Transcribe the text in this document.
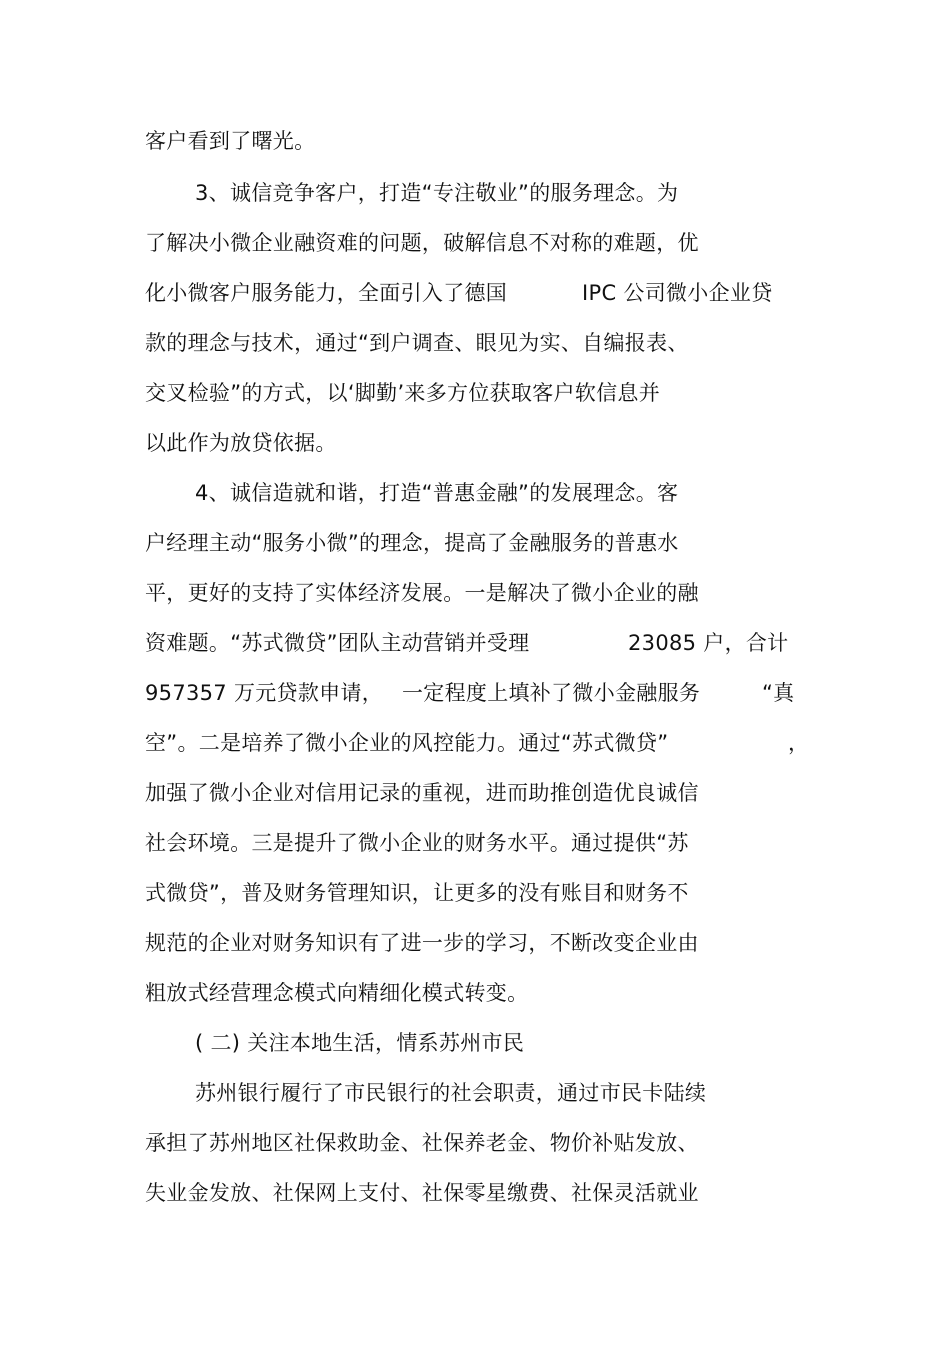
客户看到了曙光。
3、诚信竞争客户，打造“专注敬业”的服务理念。为
了解决小微企业融资难的问题，破解信息不对称的难题，优
化小微客户服务能力，全面引入了德国	IPC 公司微小企业贷
款的理念与技术，通过“到户调查、眼见为实、自编报表、
交叉检验”的方式，以‘脚勤’来多方位获取客户软信息并
以此作为放贷依据。
4、诚信造就和谐，打造“普惠金融”的发展理念。客
户经理主动“服务小微”的理念，提高了金融服务的普惠水
平，更好的支持了实体经济发展。一是解决了微小企业的融
资难题。“苏式微贷”团队主动营销并受理	23085 户，合计
957357 万元贷款申请， 一定程度上填补了微小金融服务	“真
空”。二是培养了微小企业的风控能力。通过“苏式微贷”	，
加强了微小企业对信用记录的重视，进而助推创造优良诚信
社会环境。三是提升了微小企业的财务水平。通过提供“苏
式微贷”，普及财务管理知识，让更多的没有账目和财务不
规范的企业对财务知识有了进一步的学习，不断改变企业由
粗放式经营理念模式向精细化模式转变。
( 二) 关注本地生活，情系苏州市民
苏州银行履行了市民银行的社会职责，通过市民卡陆续
承担了苏州地区社保救助金、社保养老金、物价补贴发放、
失业金发放、社保网上支付、社保零星缴费、社保灵活就业
